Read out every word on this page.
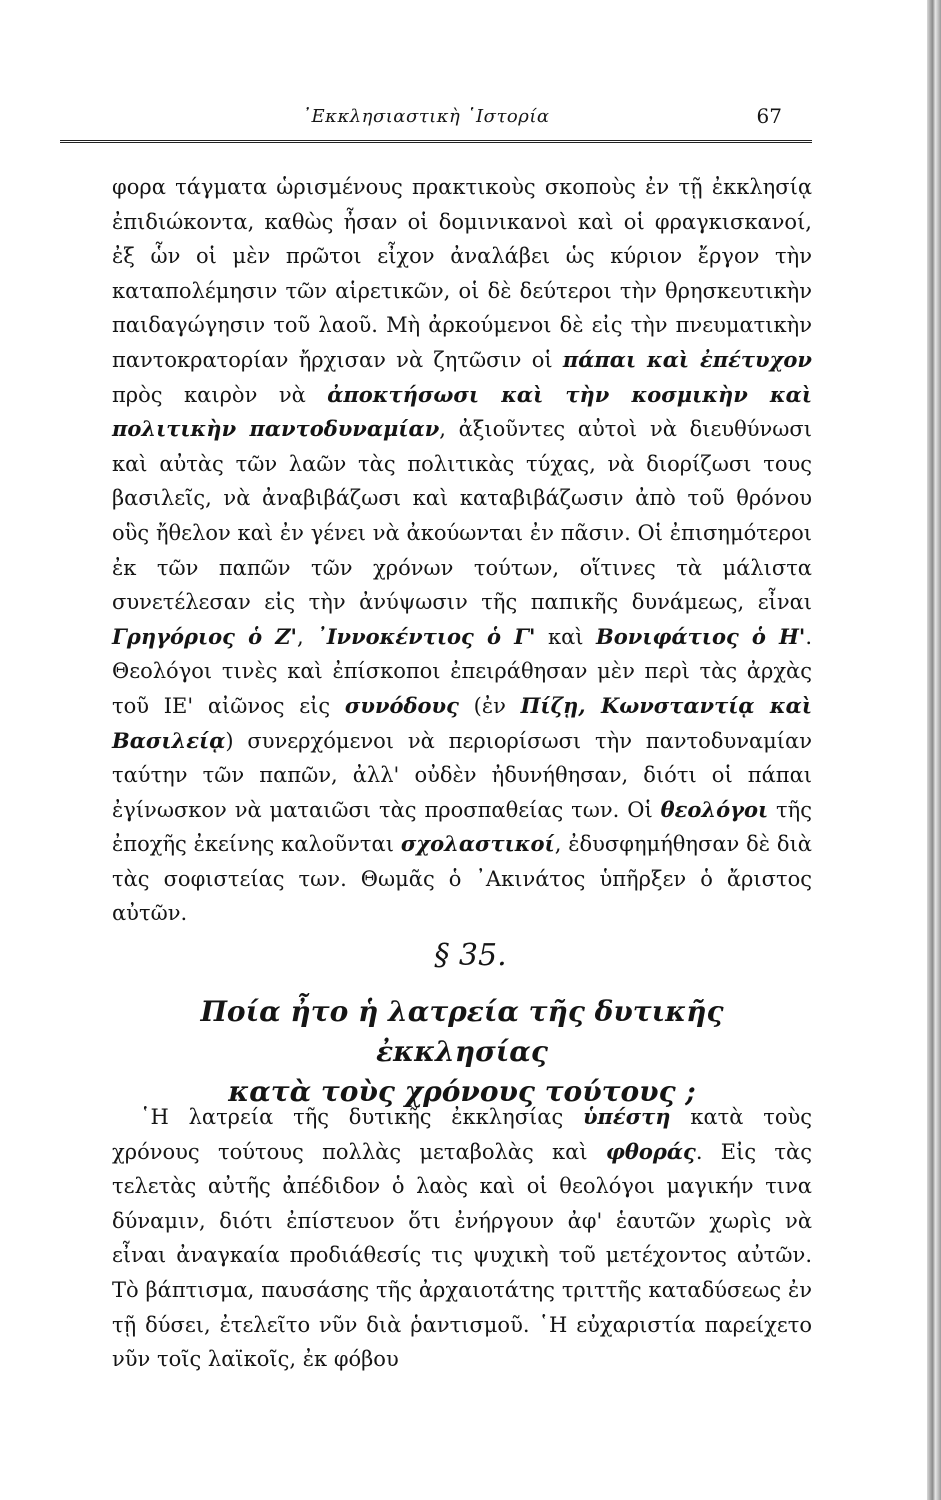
᾿Εκκλησιαστικὴ ῾Ιστορία	67

φορα τάγματα ὡρισμένους πρακτικοὺς σκοποὺς ἐν τῇ ἐκκλησίᾳ ἐπιδιώκοντα, καθὼς ἦσαν οἱ δομινικανοὶ καὶ οἱ φραγκισκανοί, ἐξ ὧν οἱ μὲν πρῶτοι εἶχον ἀναλάβει ὡς κύριον ἔργον τὴν καταπολέμησιν τῶν αἱρετικῶν, οἱ δὲ δεύτεροι τὴν θρησκευτικὴν παιδαγώγησιν τοῦ λαοῦ. Μὴ ἀρκούμενοι δὲ εἰς τὴν πνευματικὴν παντοκρατορίαν ἤρχισαν νὰ ζητῶσιν οἱ πάπαι καὶ ἐπέτυχον πρὸς καιρὸν νὰ ἀποκτήσωσι καὶ τὴν κοσμικὴν καὶ πολιτικὴν παντοδυναμίαν, ἀξιοῦντες αὐτοὶ νὰ διευθύνωσι καὶ αὐτὰς τῶν λαῶν τὰς πολιτικὰς τύχας, νὰ διορίζωσι τους βασιλεῖς, νὰ ἀναβιβάζωσι καὶ καταβιβάζωσιν ἀπὸ τοῦ θρόνου οὓς ἤθελον καὶ ἐν γένει νὰ ἀκούωνται ἐν πᾶσιν. Οἱ ἐπισημότεροι ἐκ τῶν παπῶν τῶν χρόνων τούτων, οἵτινες τὰ μάλιστα συνετέλεσαν εἰς τὴν ἀνύψωσιν τῆς παπικῆς δυνάμεως, εἶναι Γρηγόριος ὁ Ζ', ᾿Ιννοκέντιος ὁ Γ' καὶ Βονιφάτιος ὁ Η'. Θεολόγοι τινὲς καὶ ἐπίσκοποι ἐπειράθησαν μὲν περὶ τὰς ἀρχὰς τοῦ ΙΕ' αἰῶνος εἰς συνόδους (ἐν Πίζῃ, Κωνσταντίᾳ καὶ Βασιλείᾳ) συνερχόμενοι νὰ περιορίσωσι τὴν παντοδυναμίαν ταύτην τῶν παπῶν, ἀλλ' οὐδὲν ἠδυνήθησαν, διότι οἱ πάπαι ἐγίνωσκον νὰ ματαιῶσι τὰς προσπαθείας των. Οἱ θεολόγοι τῆς ἐποχῆς ἐκείνης καλοῦνται σχολαστικοί, ἐδυσφημήθησαν δὲ διὰ τὰς σοφιστείας των. Θωμᾶς ὁ ᾿Ακινάτος ὑπῆρξεν ὁ ἄριστος αὐτῶν.

§ 35.
Ποία ἦτο ἡ λατρεία τῆς δυτικῆς ἐκκλησίας
κατὰ τοὺς χρόνους τούτους ;

῾Η λατρεία τῆς δυτικῆς ἐκκλησίας ὑπέστη κατὰ τοὺς χρόνους τούτους πολλὰς μεταβολὰς καὶ φθοράς. Εἰς τὰς τελετὰς αὐτῆς ἀπέδιδον ὁ λαὸς καὶ οἱ θεολόγοι μαγικήν τινα δύναμιν, διότι ἐπίστευον ὅτι ἐνήργουν ἀφ' ἑαυτῶν χωρὶς νὰ εἶναι ἀναγκαία προδιάθεσίς τις ψυχικὴ τοῦ μετέχοντος αὐτῶν. Τὸ βάπτισμα, παυσάσης τῆς ἀρχαιοτάτης τριττῆς καταδύσεως ἐν τῇ δύσει, ἐτελεῖτο νῦν διὰ ῥαντισμοῦ. ῾Η εὐχαριστία παρείχετο νῦν τοῖς λαϊκοῖς, ἐκ φόβου
